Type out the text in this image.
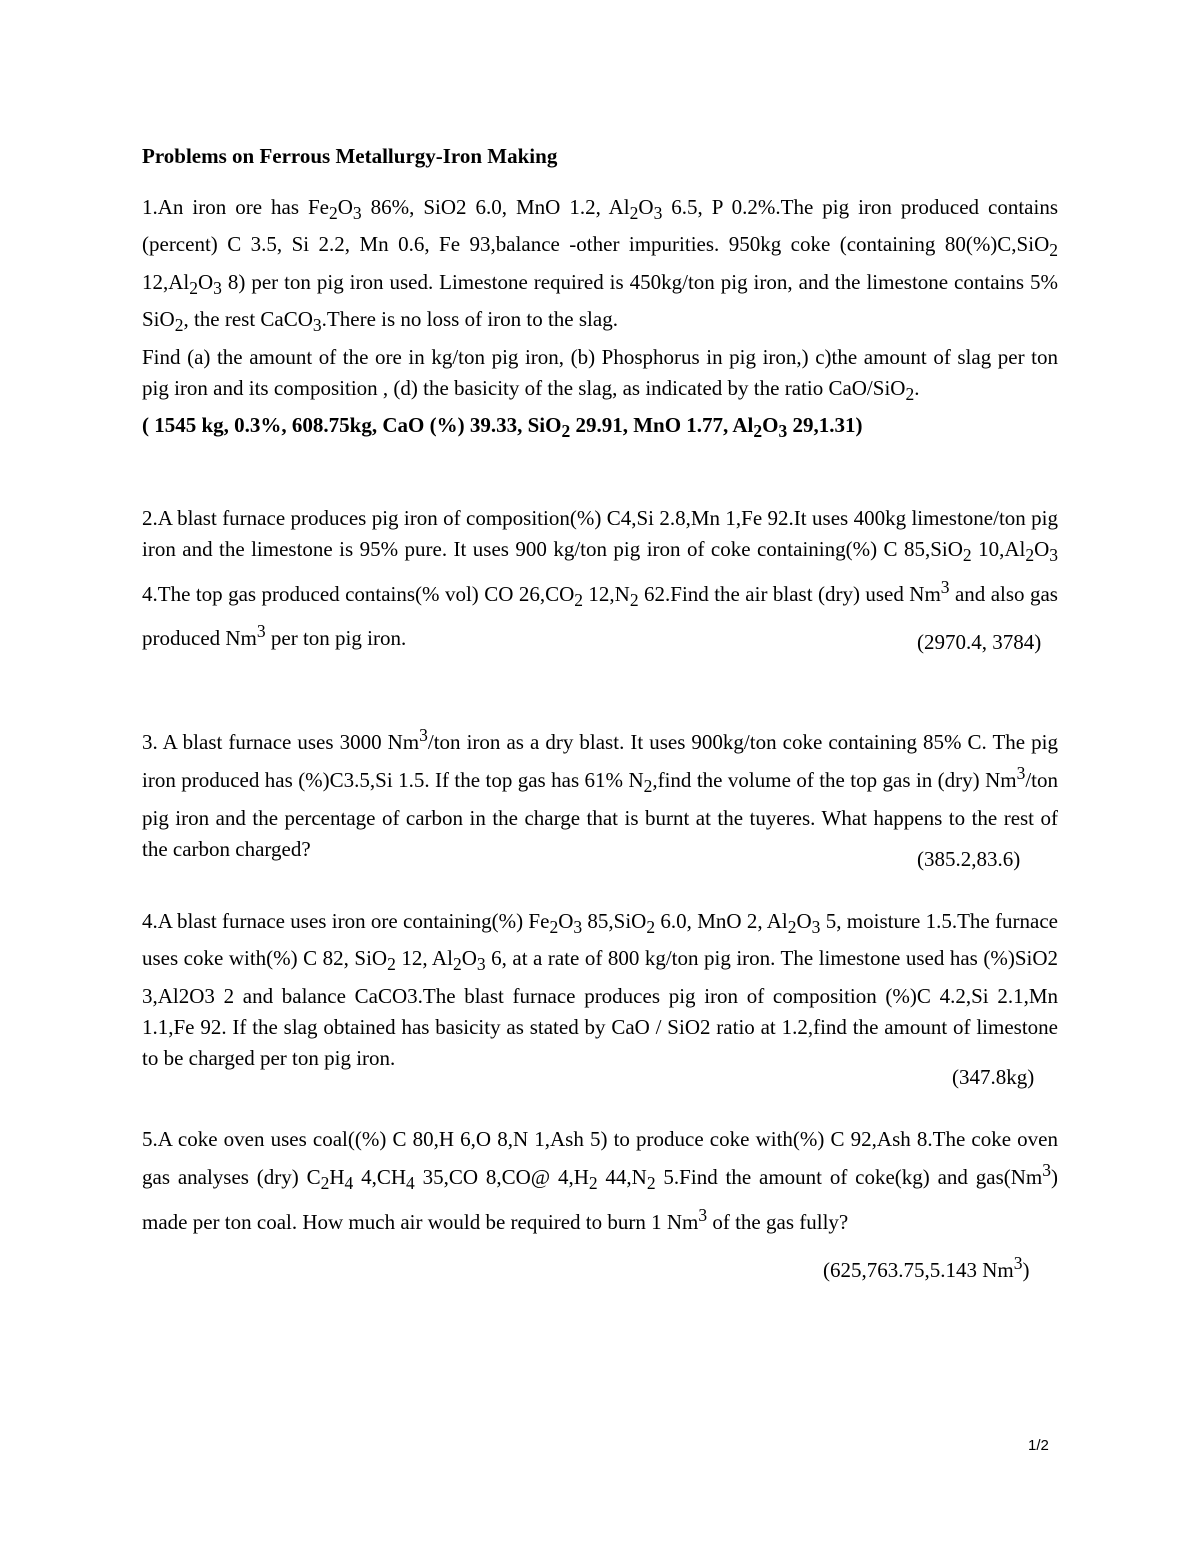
Problems on Ferrous Metallurgy-Iron Making

1.An iron ore has $Fe_2O_3$ 86%, SiO2 6.0, MnO 1.2, $Al_2O_3$ 6.5, P 0.2%.The pig iron produced contains (percent) C 3.5, Si 2.2, Mn 0.6, Fe 93,balance -other impurities. 950kg coke (containing 80(%)C,SiO$_2$ $12,Al_2O_3$ 8) per ton pig iron used. Limestone required is 450kg/ton pig iron, and the limestone contains 5% SiO$_2$, the rest CaCO$_3$.There is no loss of iron to the slag.

Find (a) the amount of the ore in kg/ton pig iron, (b) Phosphorus in pig iron,) c)the amount of slag per ton pig iron and its composition , (d) the basicity of the slag, as indicated by the ratio CaO/SiO$_2$.

( 1545 kg, 0.3%, 608.75kg, CaO (%) 39.33, SiO$_2$ 29.91, MnO 1.77, $Al_2O_3$ 29,1.31)

2.A blast furnace produces pig iron of composition(%) C4,Si 2.8,Mn 1,Fe 92.It uses 400kg limestone/ton pig iron and the limestone is 95% pure. It uses 900 kg/ton pig iron of coke containing(%) C 85,SiO$_2$ $10,Al_2O_3$ 4.The top gas produced contains(% vol) CO $26,CO_2$ $12,N_2$ 62.Find the air blast (dry) used Nm$^3$ and also gas produced Nm$^3$ per ton pig iron.	(2970.4, 3784)

3. A blast furnace uses 3000 Nm$^3$/ton iron as a dry blast. It uses 900kg/ton coke containing 85% C. The pig iron produced has (%)C3.5,Si 1.5. If the top gas has 61% $N_2,find$ the volume of the top gas in (dry) Nm$^3$/ton pig iron and the percentage of carbon in the charge that is burnt at the tuyeres. What happens to the rest of the carbon charged?	(385.2,83.6)

4.A blast furnace uses iron ore containing(%) $Fe_2O_3$ 85,SiO$_2$ 6.0, MnO 2, $Al_2O_3$ 5, moisture 1.5.The furnace uses coke with(%) C 82, SiO$_2$ 12, $Al_2O_3$ 6, at a rate of 800 kg/ton pig iron. The limestone used has (%)SiO2 3,Al2O3 2 and balance CaCO3.The blast furnace produces pig iron of composition (%)C 4.2,Si 2.1,Mn 1.1,Fe 92. If the slag obtained has basicity as stated by CaO / SiO2 ratio at 1.2,find the amount of limestone to be charged per ton pig iron.

(347.8kg)

5.A coke oven uses coal((%) C 80,H 6,O 8,N 1,Ash 5) to produce coke with(%) C 92,Ash 8.The coke oven gas analyses (dry) $C_2H_4$ $4,CH_4$ 35,CO 8,CO@ $4,H_2$ $44,N_2$ 5.Find the amount of coke(kg) and gas(Nm$^3$) made per ton coal. How much air would be required to burn 1 Nm$^3$ of the gas fully?

(625,763.75,5.143 Nm$^3$)
1/2
